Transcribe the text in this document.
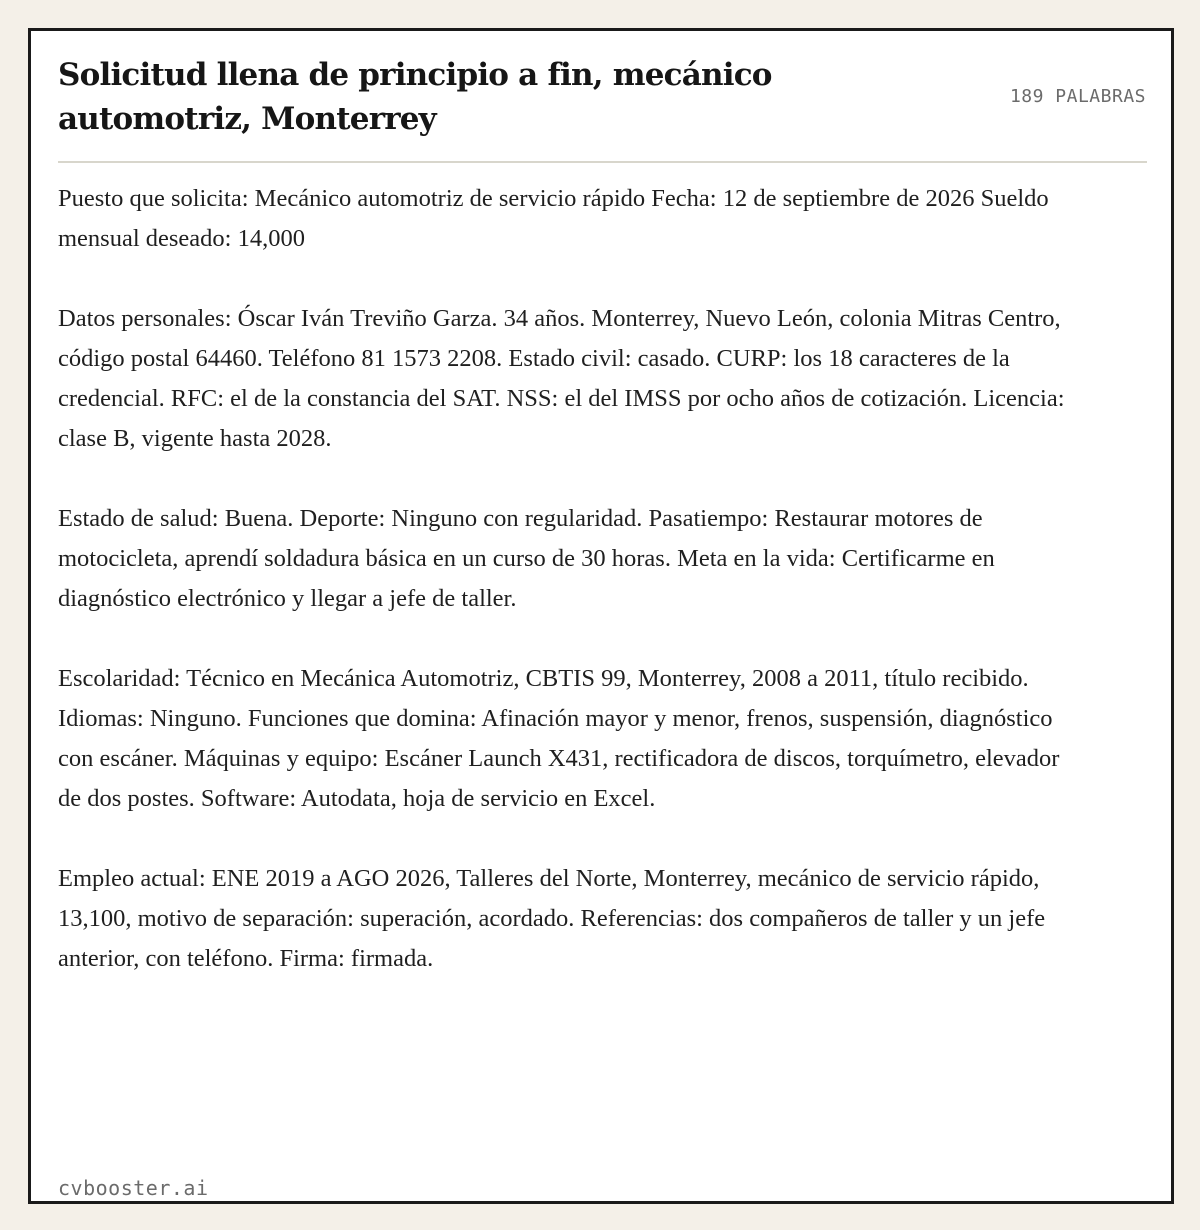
Solicitud llena de principio a fin, mecánico automotriz, Monterrey
189 PALABRAS

Puesto que solicita: Mecánico automotriz de servicio rápido Fecha: 12 de septiembre de 2026 Sueldo mensual deseado: 14,000

Datos personales: Óscar Iván Treviño Garza. 34 años. Monterrey, Nuevo León, colonia Mitras Centro, código postal 64460. Teléfono 81 1573 2208. Estado civil: casado. CURP: los 18 caracteres de la credencial. RFC: el de la constancia del SAT. NSS: el del IMSS por ocho años de cotización. Licencia: clase B, vigente hasta 2028.

Estado de salud: Buena. Deporte: Ninguno con regularidad. Pasatiempo: Restaurar motores de motocicleta, aprendí soldadura básica en un curso de 30 horas. Meta en la vida: Certificarme en diagnóstico electrónico y llegar a jefe de taller.

Escolaridad: Técnico en Mecánica Automotriz, CBTIS 99, Monterrey, 2008 a 2011, título recibido. Idiomas: Ninguno. Funciones que domina: Afinación mayor y menor, frenos, suspensión, diagnóstico con escáner. Máquinas y equipo: Escáner Launch X431, rectificadora de discos, torquímetro, elevador de dos postes. Software: Autodata, hoja de servicio en Excel.

Empleo actual: ENE 2019 a AGO 2026, Talleres del Norte, Monterrey, mecánico de servicio rápido, 13,100, motivo de separación: superación, acordado. Referencias: dos compañeros de taller y un jefe anterior, con teléfono. Firma: firmada.

cvbooster.ai
